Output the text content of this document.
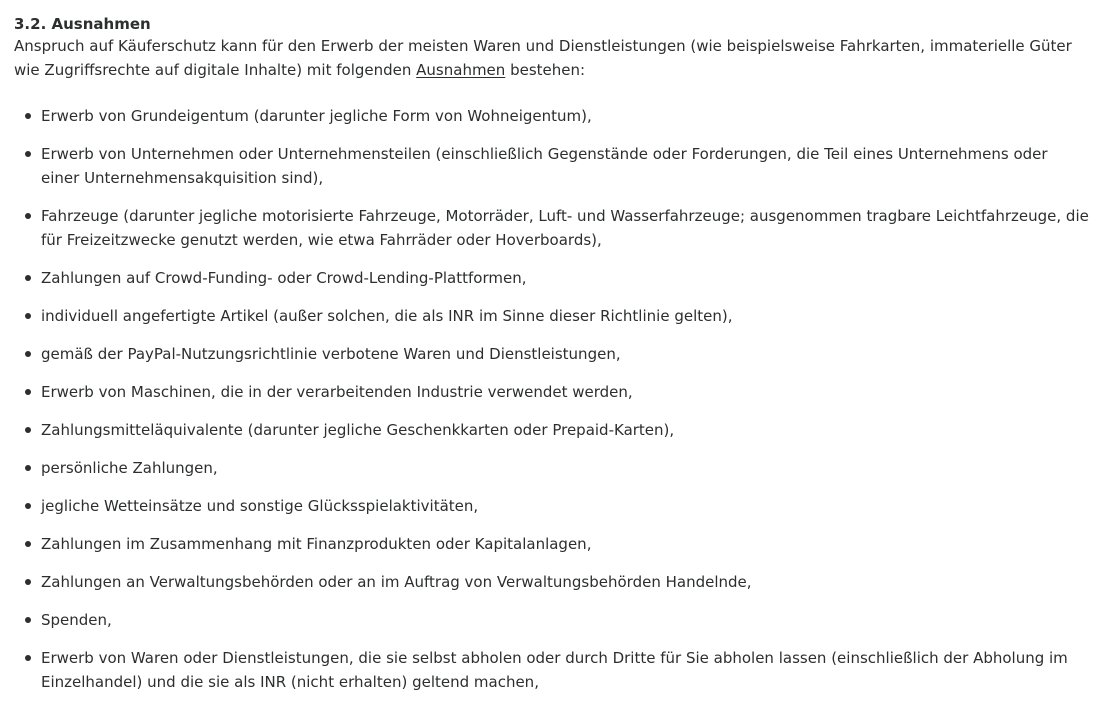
3.2. Ausnahmen

Anspruch auf Käuferschutz kann für den Erwerb der meisten Waren und Dienstleistungen (wie beispielsweise Fahrkarten, immaterielle Güter wie Zugriffsrechte auf digitale Inhalte) mit folgenden Ausnahmen bestehen:

Erwerb von Grundeigentum (darunter jegliche Form von Wohneigentum),
Erwerb von Unternehmen oder Unternehmensteilen (einschließlich Gegenstände oder Forderungen, die Teil eines Unternehmens oder einer Unternehmensakquisition sind),
Fahrzeuge (darunter jegliche motorisierte Fahrzeuge, Motorräder, Luft- und Wasserfahrzeuge; ausgenommen tragbare Leichtfahrzeuge, die für Freizeitzwecke genutzt werden, wie etwa Fahrräder oder Hoverboards),
Zahlungen auf Crowd-Funding- oder Crowd-Lending-Plattformen,
individuell angefertigte Artikel (außer solchen, die als INR im Sinne dieser Richtlinie gelten),
gemäß der PayPal-Nutzungsrichtlinie verbotene Waren und Dienstleistungen,
Erwerb von Maschinen, die in der verarbeitenden Industrie verwendet werden,
Zahlungsmitteläquivalente (darunter jegliche Geschenkkarten oder Prepaid-Karten),
persönliche Zahlungen,
jegliche Wetteinsätze und sonstige Glücksspielaktivitäten,
Zahlungen im Zusammenhang mit Finanzprodukten oder Kapitalanlagen,
Zahlungen an Verwaltungsbehörden oder an im Auftrag von Verwaltungsbehörden Handelnde,
Spenden,
Erwerb von Waren oder Dienstleistungen, die sie selbst abholen oder durch Dritte für Sie abholen lassen (einschließlich der Abholung im Einzelhandel) und die sie als INR (nicht erhalten) geltend machen,
